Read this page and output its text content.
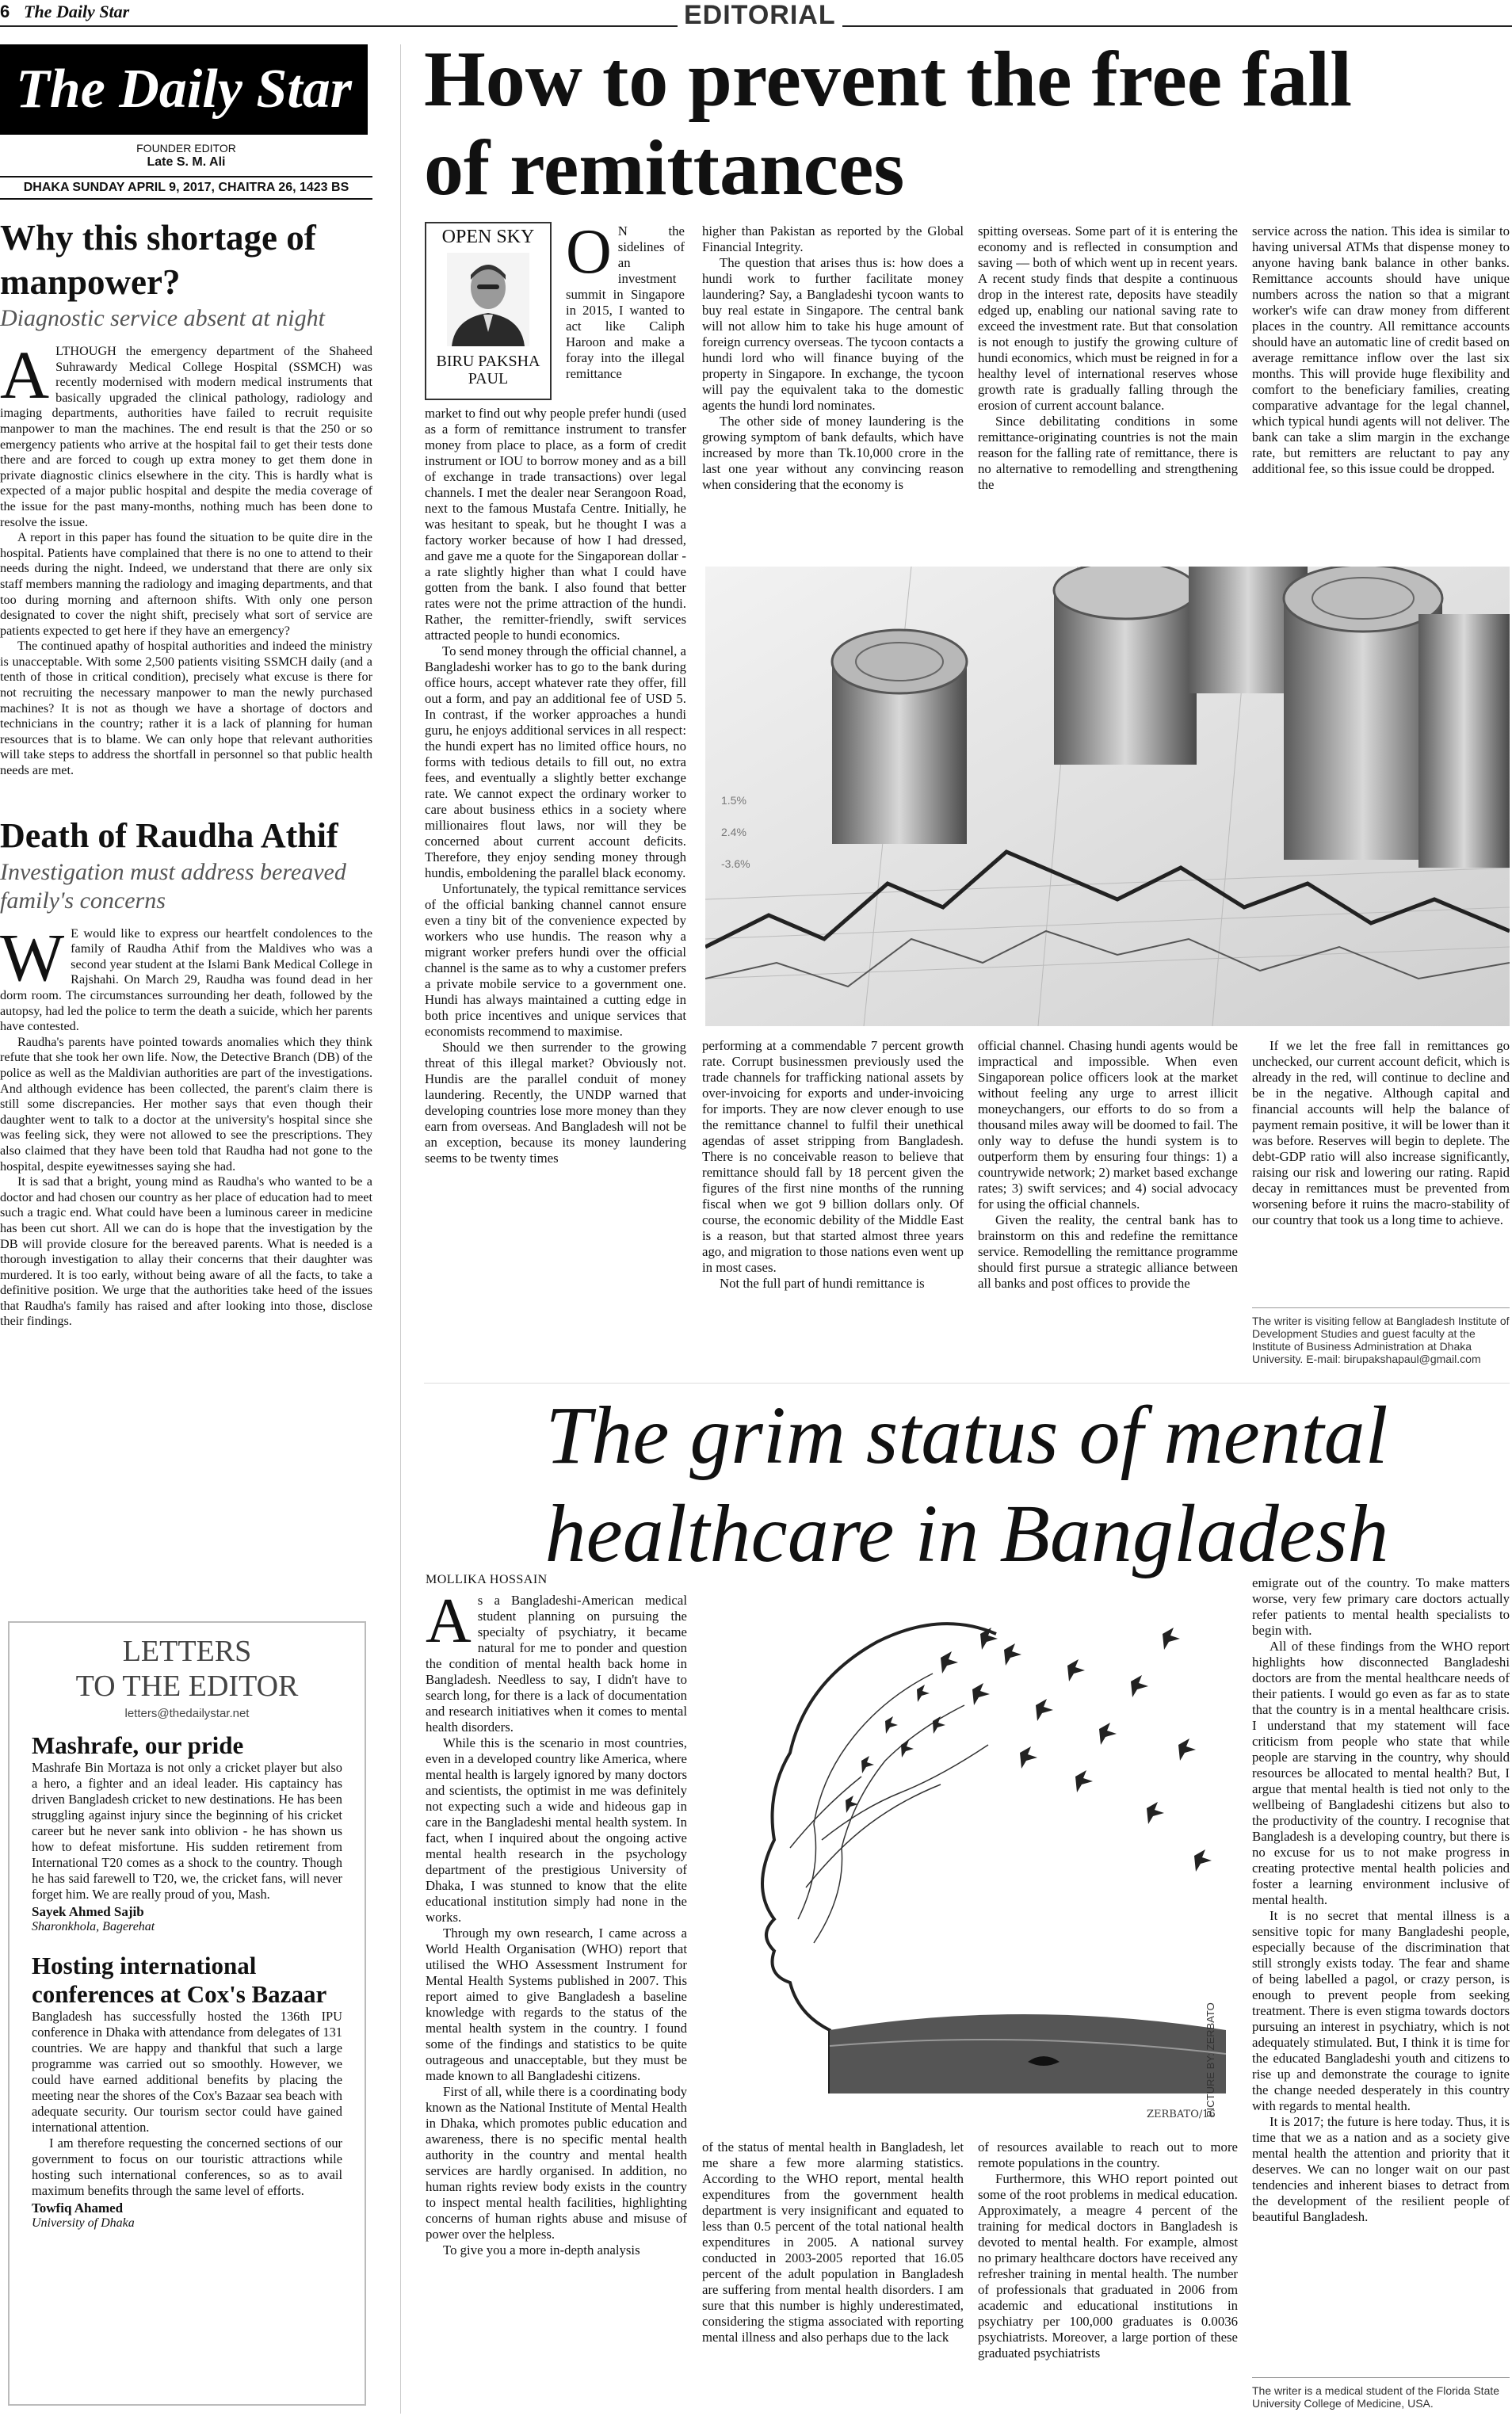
6 The Daily Star	EDITORIAL
The Daily Star
FOUNDER EDITOR
Late S. M. Ali
DHAKA SUNDAY APRIL 9, 2017, CHAITRA 26, 1423 BS
Why this shortage of manpower?
Diagnostic service absent at night

ALTHOUGH the emergency department of the Shaheed Suhrawardy Medical College Hospital (SSMCH) was recently modernised with modern medical instruments that basically upgraded the clinical pathology, radiology and imaging departments, authorities have failed to recruit requisite manpower to man the machines. The end result is that the 250 or so emergency patients who arrive at the hospital fail to get their tests done there and are forced to cough up extra money to get them done in private diagnostic clinics elsewhere in the city. This is hardly what is expected of a major public hospital and despite the media coverage of the issue for the past many-months, nothing much has been done to resolve the issue.

A report in this paper has found the situation to be quite dire in the hospital. Patients have complained that there is no one to attend to their needs during the night. Indeed, we understand that there are only six staff members manning the radiology and imaging departments, and that too during morning and afternoon shifts. With only one person designated to cover the night shift, precisely what sort of service are patients expected to get here if they have an emergency?

The continued apathy of hospital authorities and indeed the ministry is unacceptable. With some 2,500 patients visiting SSMCH daily (and a tenth of those in critical condition), precisely what excuse is there for not recruiting the necessary manpower to man the newly purchased machines? It is not as though we have a shortage of doctors and technicians in the country; rather it is a lack of planning for human resources that is to blame. We can only hope that relevant authorities will take steps to address the shortfall in personnel so that public health needs are met.

Death of Raudha Athif
Investigation must address bereaved family's concerns

W E would like to express our heartfelt condolences to the family of Raudha Athif from the Maldives who was a second year student at the Islami Bank Medical College in Rajshahi. On March 29, Raudha was found dead in her dorm room. The circumstances surrounding her death, followed by the autopsy, had led the police to term the death a suicide, which her parents have contested.

Raudha's parents have pointed towards anomalies which they think refute that she took her own life. Now, the Detective Branch (DB) of the police as well as the Maldivian authorities are part of the investigations. And although evidence has been collected, the parent's claim there is still some discrepancies. Her mother says that even though their daughter went to talk to a doctor at the university's hospital since she was feeling sick, they were not allowed to see the prescriptions. They also claimed that they have been told that Raudha had not gone to the hospital, despite eyewitnesses saying she had.

It is sad that a bright, young mind as Raudha's who wanted to be a doctor and had chosen our country as her place of education had to meet such a tragic end. What could have been a luminous career in medicine has been cut short. All we can do is hope that the investigation by the DB will provide closure for the bereaved parents. What is needed is a thorough investigation to allay their concerns that their daughter was murdered. It is too early, without being aware of all the facts, to take a definitive position. We urge that the authorities take heed of the issues that Raudha's family has raised and after looking into those, disclose their findings.

LETTERS
TO THE EDITOR
letters@thedailystar.net
Mashrafe, our pride
Mashrafe Bin Mortaza is not only a cricket player but also a hero, a fighter and an ideal leader. His captaincy has driven Bangladesh cricket to new destinations. He has been struggling against injury since the beginning of his cricket career but he never sank into oblivion - he has shown us how to defeat misfortune. His sudden retirement from International T20 comes as a shock to the country. Though he has said farewell to T20, we, the cricket fans, will never forget him. We are really proud of you, Mash.
Sayek Ahmed Sajib
Sharonkhola, Bagerehat
Hosting international conferences at Cox's Bazaar

Bangladesh has successfully hosted the 136th IPU conference in Dhaka with attendance from delegates of 131 countries. We are happy and thankful that such a large programme was carried out so smoothly. However, we could have earned additional benefits by placing the meeting near the shores of the Cox's Bazaar sea beach with adequate security. Our tourism sector could have gained international attention.

I am therefore requesting the concerned sections of our government to focus on our touristic attractions while hosting such international conferences, so as to avail maximum benefits through the same level of efforts.

Towfiq Ahamed
University of Dhaka
How to prevent the free fall
of remittances
OPEN SKY
BIRU PAKSHA
PAUL

O N the sidelines of an investment summit in Singapore in 2015, I wanted to act like Caliph Haroon and make a foray into the illegal remittance

market to find out why people prefer hundi (used as a form of remittance instrument to transfer money from place to place, as a form of credit instrument or IOU to borrow money and as a bill of exchange in trade transactions) over legal channels. I met the dealer near Serangoon Road, next to the famous Mustafa Centre. Initially, he was hesitant to speak, but he thought I was a factory worker because of how I had dressed, and gave me a quote for the Singaporean dollar - a rate slightly higher than what I could have gotten from the bank. I also found that better rates were not the prime attraction of the hundi. Rather, the remitter-friendly, swift services attracted people to hundi economics.

To send money through the official channel, a Bangladeshi worker has to go to the bank during office hours, accept whatever rate they offer, fill out a form, and pay an additional fee of USD 5. In contrast, if the worker approaches a hundi guru, he enjoys additional services in all respect: the hundi expert has no limited office hours, no forms with tedious details to fill out, no extra fees, and eventually a slightly better exchange rate. We cannot expect the ordinary worker to care about business ethics in a society where millionaires flout laws, nor will they be concerned about current account deficits. Therefore, they enjoy sending money through hundis, emboldening the parallel black economy.

Unfortunately, the typical remittance services of the official banking channel cannot ensure even a tiny bit of the convenience expected by workers who use hundis. The reason why a migrant worker prefers hundi over the official channel is the same as to why a customer prefers a private mobile service to a government one. Hundi has always maintained a cutting edge in both price incentives and unique services that economists recommend to maximise.

Should we then surrender to the growing threat of this illegal market? Obviously not. Hundis are the parallel conduit of money laundering. Recently, the UNDP warned that developing countries lose more money than they earn from overseas. And Bangladesh will not be an exception, because its money laundering seems to be twenty times

higher than Pakistan as reported by the Global Financial Integrity.

The question that arises thus is: how does a hundi work to further facilitate money laundering? Say, a Bangladeshi tycoon wants to buy real estate in Singapore. The central bank will not allow him to take his huge amount of foreign currency overseas. The tycoon contacts a hundi lord who will finance buying of the property in Singapore. In exchange, the tycoon will pay the equivalent taka to the domestic agents the hundi lord nominates.

The other side of money laundering is the growing symptom of bank defaults, which have increased by more than Tk.10,000 crore in the last one year without any convincing reason when considering that the economy is

spitting overseas. Some part of it is entering the economy and is reflected in consumption and saving — both of which went up in recent years. A recent study finds that despite a continuous drop in the interest rate, deposits have steadily edged up, enabling our national saving rate to exceed the investment rate. But that consolation is not enough to justify the growing culture of hundi economics, which must be reigned in for a healthy level of international reserves whose growth rate is gradually falling through the erosion of current account balance.

Since debilitating conditions in some remittance-originating countries is not the main reason for the falling rate of remittance, there is no alternative to remodelling and strengthening the

service across the nation. This idea is similar to having universal ATMs that dispense money to anyone having bank balance in other banks. Remittance accounts should have unique numbers across the nation so that a migrant worker's wife can draw money from different places in the country. All remittance accounts should have an automatic line of credit based on average remittance inflow over the last six months. This will provide huge flexibility and comfort to the beneficiary families, creating comparative advantage for the legal channel, which typical hundi agents will not deliver. The bank can take a slim margin in the exchange rate, but remitters are reluctant to pay any additional fee, so this issue could be dropped.

1.5%
2.4%
-3.6%

performing at a commendable 7 percent growth rate. Corrupt businessmen previously used the trade channels for trafficking national assets by over-invoicing for exports and under-invoicing for imports. They are now clever enough to use the remittance channel to fulfil their unethical agendas of asset stripping from Bangladesh. There is no conceivable reason to believe that remittance should fall by 18 percent given the figures of the first nine months of the running fiscal when we got 9 billion dollars only. Of course, the economic debility of the Middle East is a reason, but that started almost three years ago, and migration to those nations even went up in most cases.

Not the full part of hundi remittance is

official channel. Chasing hundi agents would be impractical and impossible. When even Singaporean police officers look at the market without feeling any urge to arrest illicit moneychangers, our efforts to do so from a thousand miles away will be doomed to fail. The only way to defuse the hundi system is to outperform them by ensuring four things: 1) a countrywide network; 2) market based exchange rates; 3) swift services; and 4) social advocacy for using the official channels.

Given the reality, the central bank has to brainstorm on this and redefine the remittance service. Remodelling the remittance programme should first pursue a strategic alliance between all banks and post offices to provide the

If we let the free fall in remittances go unchecked, our current account deficit, which is already in the red, will continue to decline and be in the negative. Although capital and financial accounts will help the balance of payment remain positive, it will be lower than it was before. Reserves will begin to deplete. The debt-GDP ratio will also increase significantly, raising our risk and lowering our rating. Rapid decay in remittances must be prevented from worsening before it ruins the macro-stability of our country that took us a long time to achieve.

The writer is visiting fellow at Bangladesh Institute of Development Studies and guest faculty at the Institute of Business Administration at Dhaka University. E-mail: birupakshapaul@gmail.com
The grim status of mental
healthcare in Bangladesh
MOLLIKA HOSSAIN

As a Bangladeshi-American medical student planning on pursuing the specialty of psychiatry, it became natural for me to ponder and question the condition of mental health back home in Bangladesh. Needless to say, I didn't have to search long, for there is a lack of documentation and research initiatives when it comes to mental health disorders.

While this is the scenario in most countries, even in a developed country like America, where mental health is largely ignored by many doctors and scientists, the optimist in me was definitely not expecting such a wide and hideous gap in care in the Bangladeshi mental health system. In fact, when I inquired about the ongoing active mental health research in the psychology department of the prestigious University of Dhaka, I was stunned to know that the elite educational institution simply had none in the works.

Through my own research, I came across a World Health Organisation (WHO) report that utilised the WHO Assessment Instrument for Mental Health Systems published in 2007. This report aimed to give Bangladesh a baseline knowledge with regards to the status of the mental health system in the country. I found some of the findings and statistics to be quite outrageous and unacceptable, but they must be made known to all Bangladeshi citizens.

First of all, while there is a coordinating body known as the National Institute of Mental Health in Dhaka, which promotes public education and awareness, there is no specific mental health authority in the country and mental health services are hardly organised. In addition, no human rights review body exists in the country to inspect mental health facilities, highlighting concerns of human rights abuse and misuse of power over the helpless.

To give you a more in-depth analysis

ZERBATO/16
PICTURE BY: ZERBATO

of the status of mental health in Bangladesh, let me share a few more alarming statistics. According to the WHO report, mental health expenditures from the government health department is very insignificant and equated to less than 0.5 percent of the total national health expenditures in 2005. A national survey conducted in 2003-2005 reported that 16.05 percent of the adult population in Bangladesh are suffering from mental health disorders. I am sure that this number is highly underestimated, considering the stigma associated with reporting mental illness and also perhaps due to the lack

of resources available to reach out to more remote populations in the country.

Furthermore, this WHO report pointed out some of the root problems in medical education. Approximately, a meagre 4 percent of the training for medical doctors in Bangladesh is devoted to mental health. For example, almost no primary healthcare doctors have received any refresher training in mental health. The number of professionals that graduated in 2006 from academic and educational institutions in psychiatry per 100,000 graduates is 0.0036 psychiatrists. Moreover, a large portion of these graduated psychiatrists

emigrate out of the country. To make matters worse, very few primary care doctors actually refer patients to mental health specialists to begin with.

All of these findings from the WHO report highlights how disconnected Bangladeshi doctors are from the mental healthcare needs of their patients. I would go even as far as to state that the country is in a mental healthcare crisis. I understand that my statement will face criticism from people who state that while people are starving in the country, why should resources be allocated to mental health? But, I argue that mental health is tied not only to the wellbeing of Bangladeshi citizens but also to the productivity of the country. I recognise that Bangladesh is a developing country, but there is no excuse for us to not make progress in creating protective mental health policies and foster a learning environment inclusive of mental health.

It is no secret that mental illness is a sensitive topic for many Bangladeshi people, especially because of the discrimination that still strongly exists today. The fear and shame of being labelled a pagol, or crazy person, is enough to prevent people from seeking treatment. There is even stigma towards doctors pursuing an interest in psychiatry, which is not adequately stimulated. But, I think it is time for the educated Bangladeshi youth and citizens to rise up and demonstrate the courage to ignite the change needed desperately in this country with regards to mental health.

It is 2017; the future is here today. Thus, it is time that we as a nation and as a society give mental health the attention and priority that it deserves. We can no longer wait on our past tendencies and inherent biases to detract from the development of the resilient people of beautiful Bangladesh.

The writer is a medical student of the Florida State University College of Medicine, USA.
